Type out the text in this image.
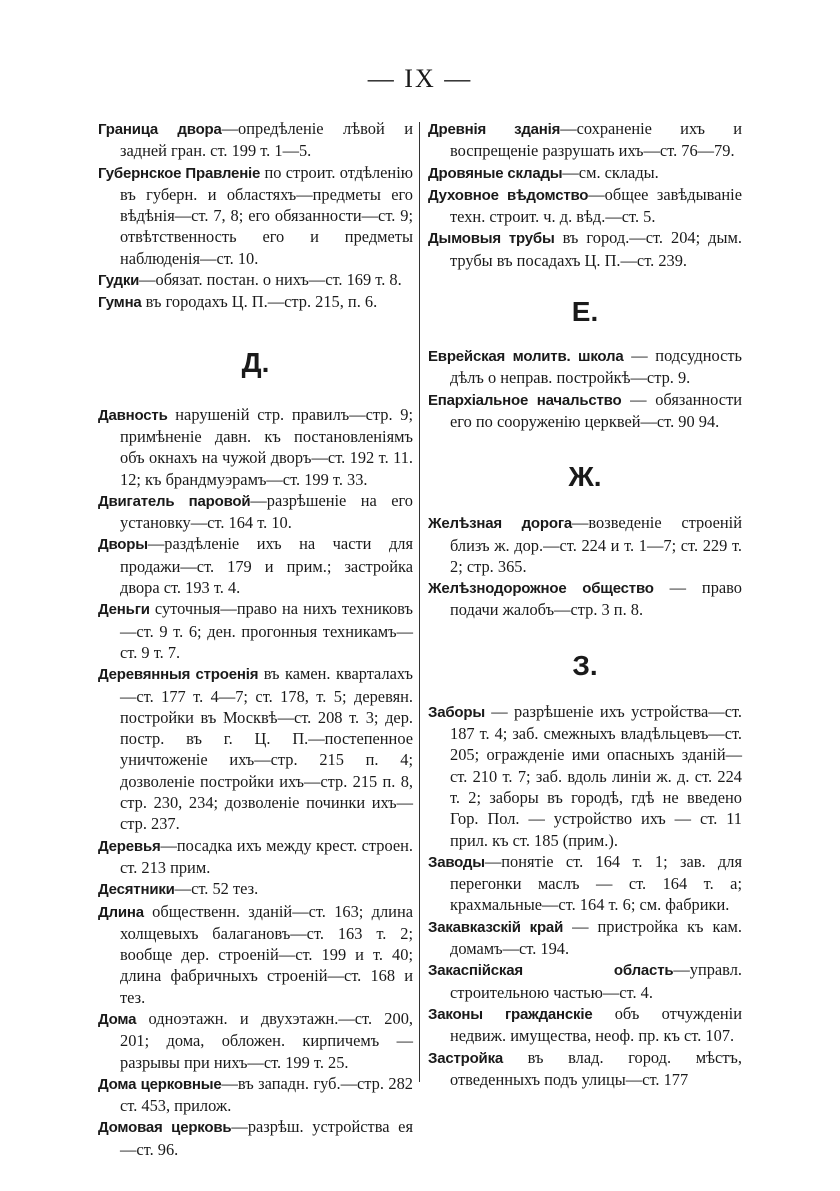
— IX —

Граница двора—опредѣленіе лѣвой и задней гран. ст. 199 т. 1—5.

Губернское Правленіе по строит. отдѣленію въ губерн. и областяхъ—предметы его вѣдѣнія—ст. 7, 8; его обязанности—ст. 9; отвѣтственность его и предметы наблюденія—ст. 10.

Гудки—обязат. постан. о нихъ—ст. 169 т. 8.

Гумна въ городахъ Ц. П.—стр. 215, п. 6.

Д.

Давность нарушеній стр. правилъ—стр. 9; примѣненіе давн. къ постановленіямъ объ окнахъ на чужой дворъ—ст. 192 т. 11. 12; къ брандмуэрамъ—ст. 199 т. 33.

Двигатель паровой—разрѣшеніе на его установку—ст. 164 т. 10.

Дворы—раздѣленіе ихъ на части для продажи—ст. 179 и прим.; застройка двора ст. 193 т. 4.

Деньги суточныя—право на нихъ техниковъ—ст. 9 т. 6; ден. прогонныя техникамъ—ст. 9 т. 7.

Деревянныя строенія въ камен. кварталахъ—ст. 177 т. 4—7; ст. 178, т. 5; деревян. постройки въ Москвѣ—ст. 208 т. 3; дер. постр. въ г. Ц. П.—постепенное уничтоженіе ихъ—стр. 215 п. 4; дозволеніе постройки ихъ—стр. 215 п. 8, стр. 230, 234; дозволеніе починки ихъ—стр. 237.

Деревья—посадка ихъ между крест. строен. ст. 213 прим.

Десятники—ст. 52 тез.

Длина общественн. зданій—ст. 163; длина холщевыхъ балагановъ—ст. 163 т. 2; вообще дер. строеній—ст. 199 и т. 40; длина фабричныхъ строеній—ст. 168 и тез.

Дома одноэтажн. и двухэтажн.—ст. 200, 201; дома, обложен. кирпичемъ — разрывы при нихъ—ст. 199 т. 25.

Дома церковные—въ западн. губ.—стр. 282 ст. 453, прилож.

Домовая церковь—разрѣш. устройства ея—ст. 96.

Древнія зданія—сохраненіе ихъ и воспрещеніе разрушать ихъ—ст. 76—79.

Дровяные склады—см. склады.

Духовное вѣдомство—общее завѣдываніе техн. строит. ч. д. вѣд.—ст. 5.

Дымовыя трубы въ город.—ст. 204; дым. трубы въ посадахъ Ц. П.—ст. 239.

Е.

Еврейская молитв. школа — подсудность дѣлъ о неправ. постройкѣ—стр. 9.

Епархіальное начальство — обязанности его по сооруженію церквей—ст. 90 94.

Ж.

Желѣзная дорога—возведеніе строеній близъ ж. дор.—ст. 224 и т. 1—7; ст. 229 т. 2; стр. 365.

Желѣзнодорожное общество — право подачи жалобъ—стр. 3 п. 8.

З.

Заборы — разрѣшеніе ихъ устройства—ст. 187 т. 4; заб. смежныхъ владѣльцевъ—ст. 205; огражденіе ими опасныхъ зданій—ст. 210 т. 7; заб. вдоль линіи ж. д. ст. 224 т. 2; заборы въ городѣ, гдѣ не введено Гор. Пол. — устройство ихъ — ст. 11 прил. къ ст. 185 (прим.).

Заводы—понятіе ст. 164 т. 1; зав. для перегонки маслъ — ст. 164 т. а; крахмальные—ст. 164 т. 6; см. фабрики.

Закавказскій край — пристройка къ кам. домамъ—ст. 194.

Закаспійская область—управл. строительною частью—ст. 4.

Законы гражданскіе объ отчужденіи недвиж. имущества, неоф. пр. къ ст. 107.

Застройка въ влад. город. мѣстъ, отведенныхъ подъ улицы—ст. 177
